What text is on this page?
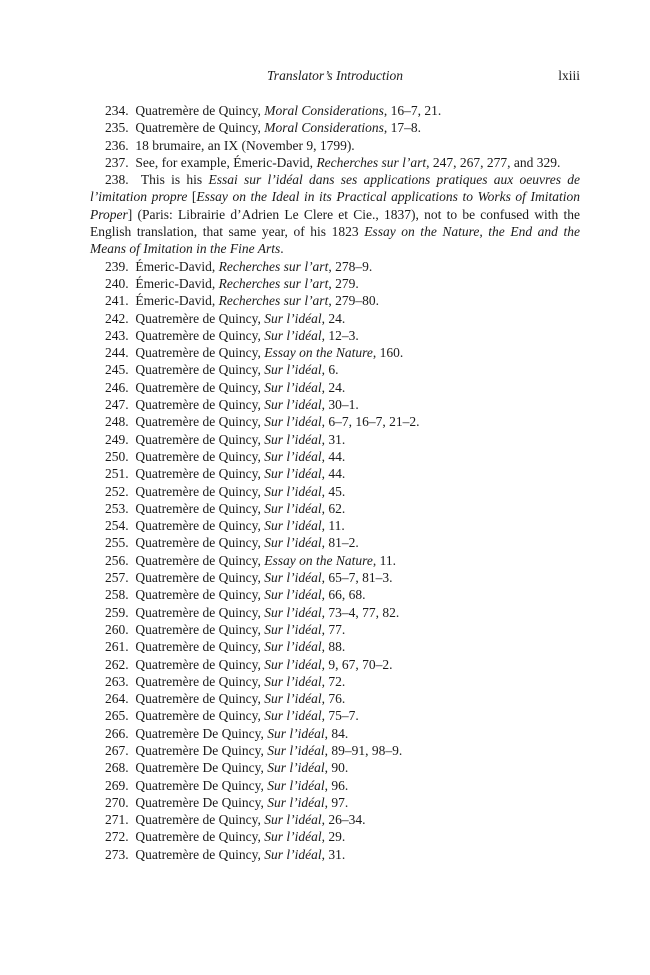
Translator’s Introduction	lxiii

234. Quatremère de Quincy, Moral Considerations, 16–7, 21.

235. Quatremère de Quincy, Moral Considerations, 17–8.

236. 18 brumaire, an IX (November 9, 1799).

237. See, for example, Émeric-David, Recherches sur l’art, 247, 267, 277, and 329.

238. This is his Essai sur l’idéal dans ses applications pratiques aux oeuvres de l’imitation propre [Essay on the Ideal in its Practical applications to Works of Imitation Proper] (Paris: Librairie d’Adrien Le Clere et Cie., 1837), not to be confused with the English translation, that same year, of his 1823 Essay on the Nature, the End and the Means of Imitation in the Fine Arts.

239. Émeric-David, Recherches sur l’art, 278–9.

240. Émeric-David, Recherches sur l’art, 279.

241. Émeric-David, Recherches sur l’art, 279–80.

242. Quatremère de Quincy, Sur l’idéal, 24.

243. Quatremère de Quincy, Sur l’idéal, 12–3.

244. Quatremère de Quincy, Essay on the Nature, 160.

245. Quatremère de Quincy, Sur l’idéal, 6.

246. Quatremère de Quincy, Sur l’idéal, 24.

247. Quatremère de Quincy, Sur l’idéal, 30–1.

248. Quatremère de Quincy, Sur l’idéal, 6–7, 16–7, 21–2.

249. Quatremère de Quincy, Sur l’idéal, 31.

250. Quatremère de Quincy, Sur l’idéal, 44.

251. Quatremère de Quincy, Sur l’idéal, 44.

252. Quatremère de Quincy, Sur l’idéal, 45.

253. Quatremère de Quincy, Sur l’idéal, 62.

254. Quatremère de Quincy, Sur l’idéal, 11.

255. Quatremère de Quincy, Sur l’idéal, 81–2.

256. Quatremère de Quincy, Essay on the Nature, 11.

257. Quatremère de Quincy, Sur l’idéal, 65–7, 81–3.

258. Quatremère de Quincy, Sur l’idéal, 66, 68.

259. Quatremère de Quincy, Sur l’idéal, 73–4, 77, 82.

260. Quatremère de Quincy, Sur l’idéal, 77.

261. Quatremère de Quincy, Sur l’idéal, 88.

262. Quatremère de Quincy, Sur l’idéal, 9, 67, 70–2.

263. Quatremère de Quincy, Sur l’idéal, 72.

264. Quatremère de Quincy, Sur l’idéal, 76.

265. Quatremère de Quincy, Sur l’idéal, 75–7.

266. Quatremère De Quincy, Sur l’idéal, 84.

267. Quatremère De Quincy, Sur l’idéal, 89–91, 98–9.

268. Quatremère De Quincy, Sur l’idéal, 90.

269. Quatremère De Quincy, Sur l’idéal, 96.

270. Quatremère De Quincy, Sur l’idéal, 97.

271. Quatremère de Quincy, Sur l’idéal, 26–34.

272. Quatremère de Quincy, Sur l’idéal, 29.

273. Quatremère de Quincy, Sur l’idéal, 31.
